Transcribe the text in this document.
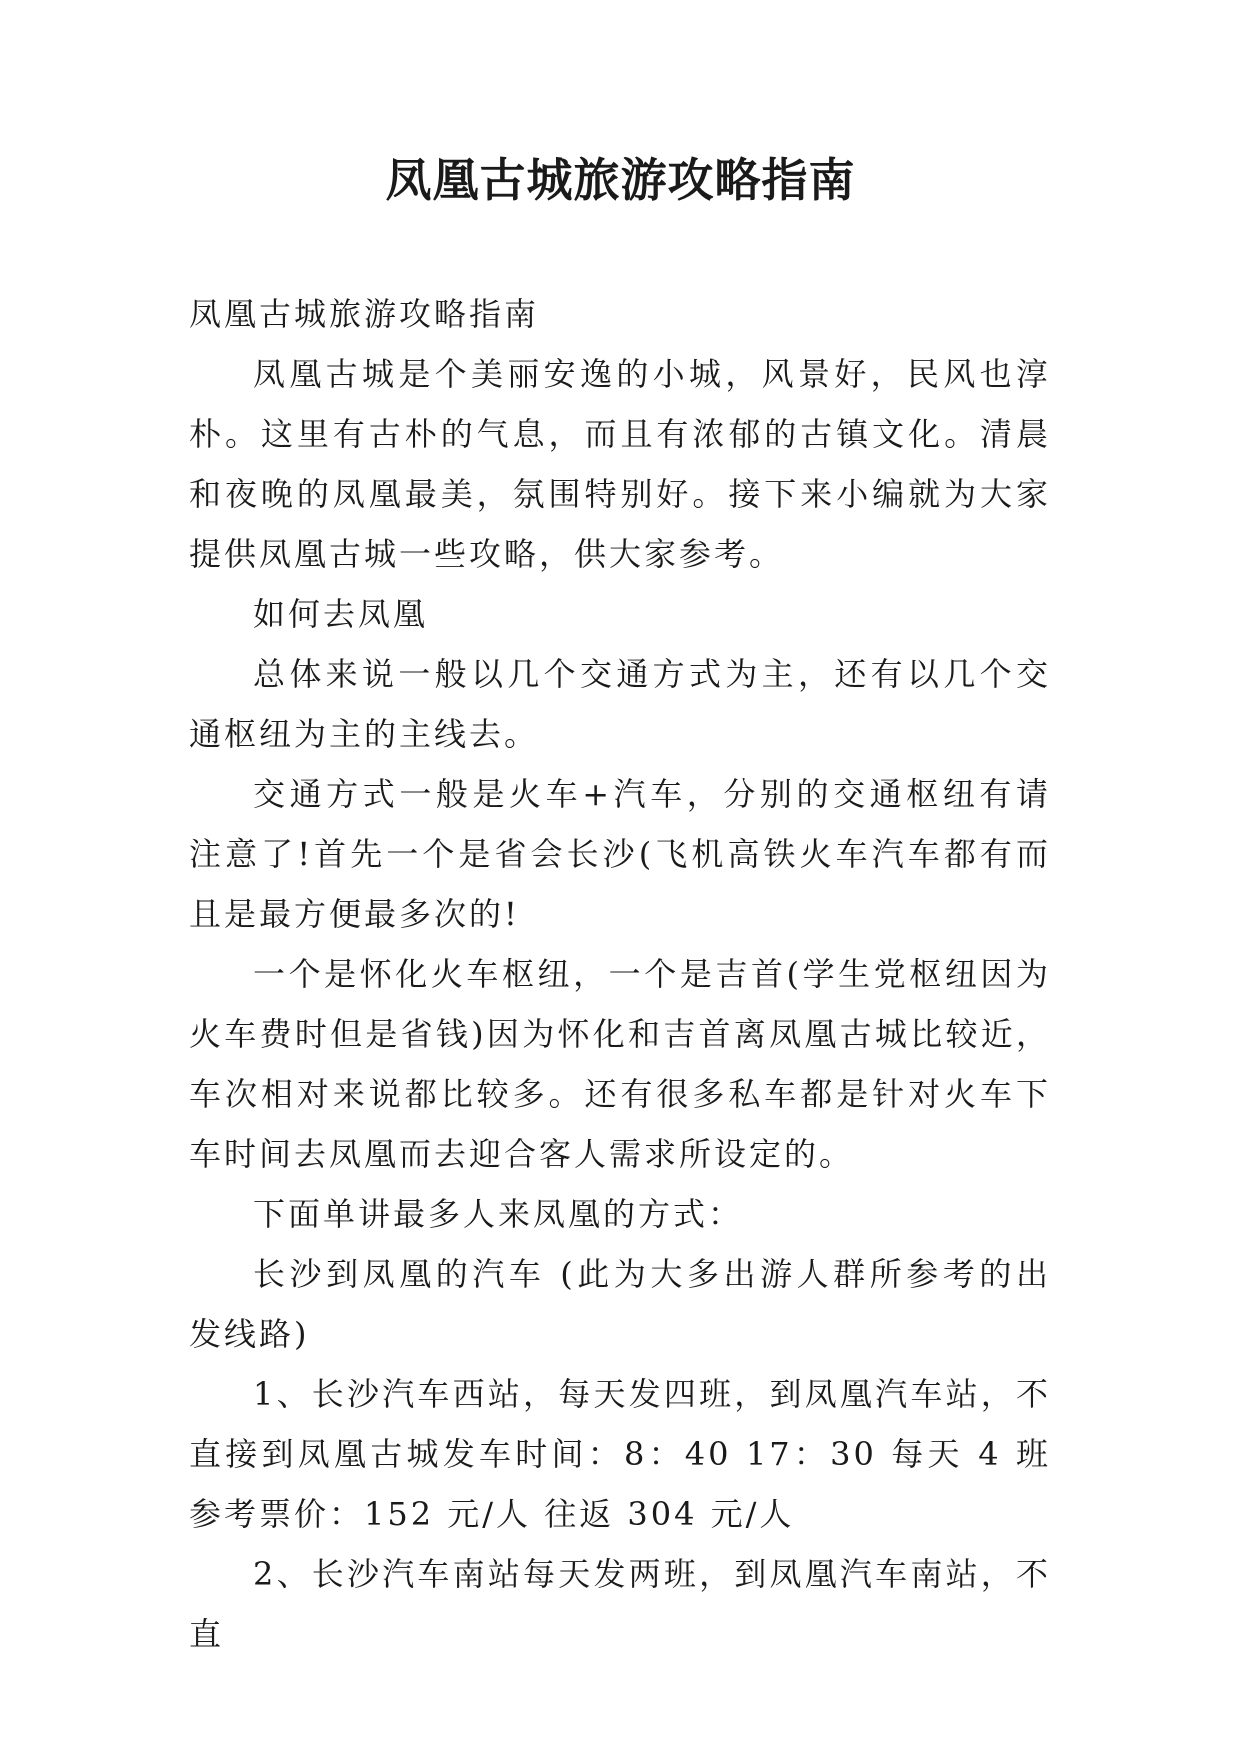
凤凰古城旅游攻略指南

凤凰古城旅游攻略指南

凤凰古城是个美丽安逸的小城，风景好，民风也淳朴。这里有古朴的气息，而且有浓郁的古镇文化。清晨和夜晚的凤凰最美，氛围特别好。接下来小编就为大家提供凤凰古城一些攻略，供大家参考。

如何去凤凰

总体来说一般以几个交通方式为主，还有以几个交通枢纽为主的主线去。

交通方式一般是火车+汽车，分别的交通枢纽有请注意了!首先一个是省会长沙(飞机高铁火车汽车都有而且是最方便最多次的!

一个是怀化火车枢纽，一个是吉首(学生党枢纽因为火车费时但是省钱)因为怀化和吉首离凤凰古城比较近，车次相对来说都比较多。还有很多私车都是针对火车下车时间去凤凰而去迎合客人需求所设定的。

下面单讲最多人来凤凰的方式：

长沙到凤凰的汽车 (此为大多出游人群所参考的出发线路)

1、长沙汽车西站，每天发四班，到凤凰汽车站，不直接到凤凰古城发车时间：8：40 17：30 每天 4 班 参考票价：152 元/人 往返 304 元/人

2、长沙汽车南站每天发两班，到凤凰汽车南站，不直
